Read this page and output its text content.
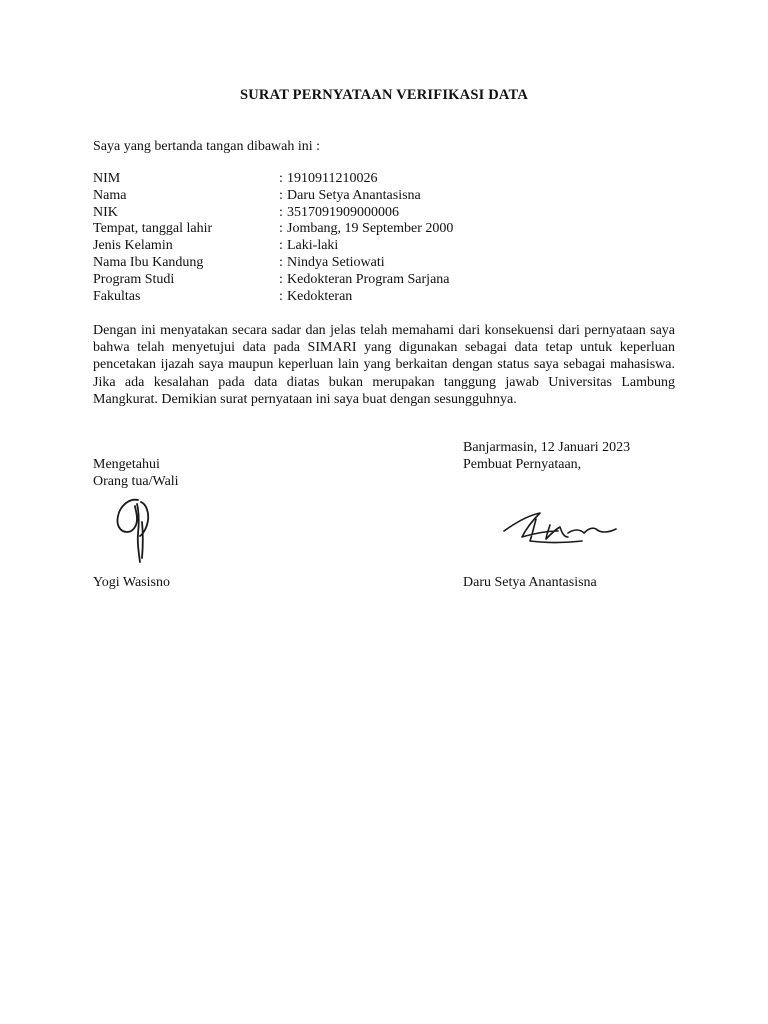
SURAT PERNYATAAN VERIFIKASI DATA
Saya yang bertanda tangan dibawah ini :
NIM	: 1910911210026
Nama	: Daru Setya Anantasisna
NIK	: 3517091909000006
Tempat, tanggal lahir	: Jombang, 19 September 2000
Jenis Kelamin	: Laki-laki
Nama Ibu Kandung	: Nindya Setiowati
Program Studi	: Kedokteran Program Sarjana
Fakultas	: Kedokteran
Dengan ini menyatakan secara sadar dan jelas telah memahami dari konsekuensi dari pernyataan saya bahwa telah menyetujui data pada SIMARI yang digunakan sebagai data tetap untuk keperluan pencetakan ijazah saya maupun keperluan lain yang berkaitan dengan status saya sebagai mahasiswa. Jika ada kesalahan pada data diatas bukan merupakan tanggung jawab Universitas Lambung Mangkurat. Demikian surat pernyataan ini saya buat dengan sesungguhnya.
Banjarmasin, 12 Januari 2023
Mengetahui
Orang tua/Wali
Pembuat Pernyataan,
Yogi Wasisno	Daru Setya Anantasisna
